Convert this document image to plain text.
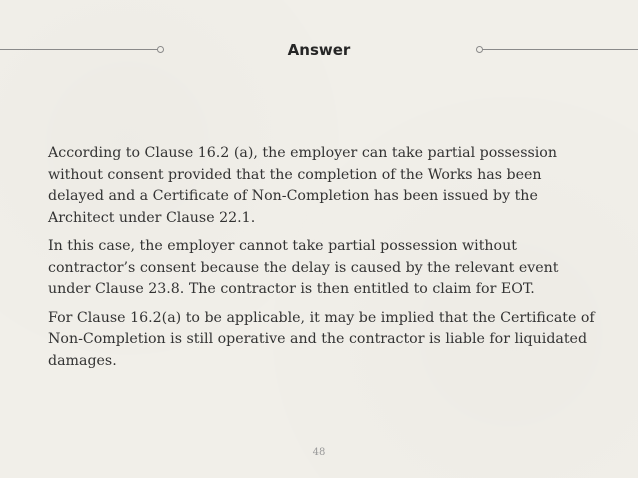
Answer

According to Clause 16.2 (a), the employer can take partial possession without consent provided that the completion of the Works has been delayed and a Certificate of Non-Completion has been issued by the Architect under Clause 22.1.

In this case, the employer cannot take partial possession without contractor’s consent because the delay is caused by the relevant event under Clause 23.8. The contractor is then entitled to claim for EOT.

For Clause 16.2(a) to be applicable, it may be implied that the Certificate of Non-Completion is still operative and the contractor is liable for liquidated damages.

48
